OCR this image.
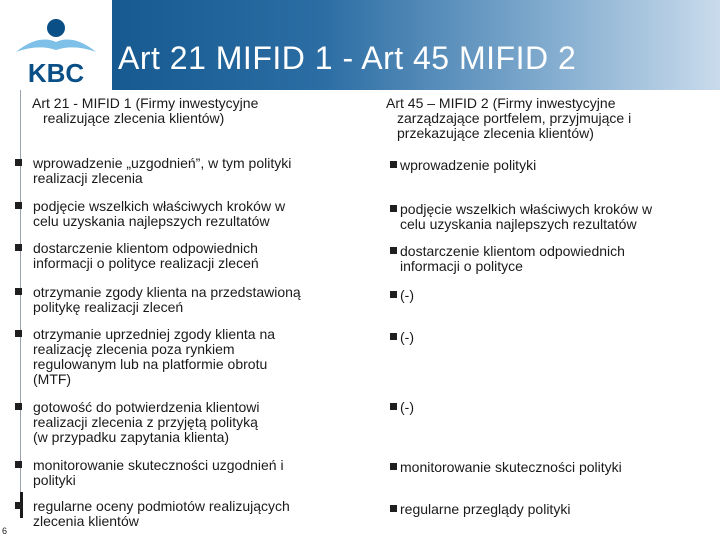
KBC Art 21 MIFID 1 - Art 45 MIFID 2
6
Art 21 - MIFID 1 (Firmy inwestycyjne
realizujące zlecenia klientów)
wprowadzenie „uzgodnień”, w tym polityki
realizacji zlecenia
podjęcie wszelkich właściwych kroków w
celu uzyskania najlepszych rezultatów
dostarczenie klientom odpowiednich
informacji o polityce realizacji zleceń
otrzymanie zgody klienta na przedstawioną
politykę realizacji zleceń
otrzymanie uprzedniej zgody klienta na
realizację zlecenia poza rynkiem
regulowanym lub na platformie obrotu
(MTF)
gotowość do potwierdzenia klientowi
realizacji zlecenia z przyjętą polityką
(w przypadku zapytania klienta)
monitorowanie skuteczności uzgodnień i
polityki
regularne oceny podmiotów realizujących
zlecenia klientów
Art 45 – MIFID 2 (Firmy inwestycyjne
zarządzające portfelem, przyjmujące i
przekazujące zlecenia klientów)
wprowadzenie polityki
podjęcie wszelkich właściwych kroków w
celu uzyskania najlepszych rezultatów
dostarczenie klientom odpowiednich
informacji o polityce
(-)
(-)
(-)
monitorowanie skuteczności polityki
regularne przeglądy polityki
